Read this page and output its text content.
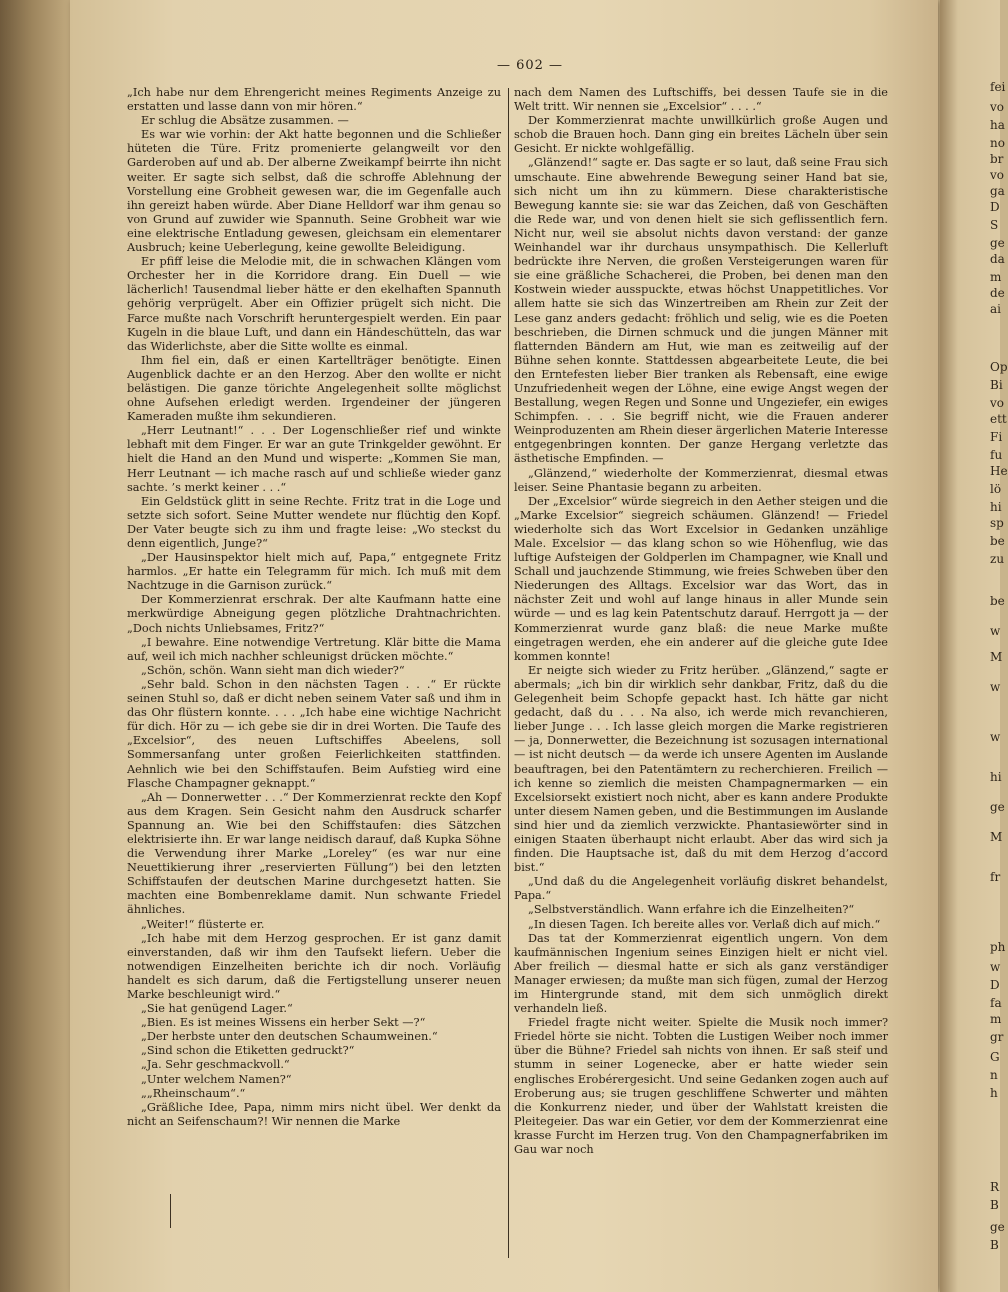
— 602 —

„Ich habe nur dem Ehrengericht meines Regiments Anzeige zu erstatten und lasse dann von mir hören.“

Er schlug die Absätze zusammen. —

Es war wie vorhin: der Akt hatte begonnen und die Schließer hüteten die Türe. Fritz promenierte gelangweilt vor den Garderoben auf und ab. Der alberne Zweikampf beirrte ihn nicht weiter. Er sagte sich selbst, daß die schroffe Ablehnung der Vorstellung eine Grobheit gewesen war, die im Gegenfalle auch ihn gereizt haben würde. Aber Diane Helldorf war ihm genau so von Grund auf zuwider wie Spannuth. Seine Grobheit war wie eine elektrische Entladung gewesen, gleichsam ein elementarer Ausbruch; keine Ueberlegung, keine gewollte Beleidigung.

Er pfiff leise die Melodie mit, die in schwachen Klängen vom Orchester her in die Korridore drang. Ein Duell — wie lächerlich! Tausendmal lieber hätte er den ekelhaften Spannuth gehörig verprügelt. Aber ein Offizier prügelt sich nicht. Die Farce mußte nach Vorschrift heruntergespielt werden. Ein paar Kugeln in die blaue Luft, und dann ein Händeschütteln, das war das Widerlichste, aber die Sitte wollte es einmal.

Ihm fiel ein, daß er einen Kartellträger benötigte. Einen Augenblick dachte er an den Herzog. Aber den wollte er nicht belästigen. Die ganze törichte Angelegenheit sollte möglichst ohne Aufsehen erledigt werden. Irgendeiner der jüngeren Kameraden mußte ihm sekundieren.

„Herr Leutnant!“ . . . Der Logenschließer rief und winkte lebhaft mit dem Finger. Er war an gute Trinkgelder gewöhnt. Er hielt die Hand an den Mund und wisperte: „Kommen Sie man, Herr Leutnant — ich mache rasch auf und schließe wieder ganz sachte. ’s merkt keiner . . .“

Ein Geldstück glitt in seine Rechte. Fritz trat in die Loge und setzte sich sofort. Seine Mutter wendete nur flüchtig den Kopf. Der Vater beugte sich zu ihm und fragte leise: „Wo steckst du denn eigentlich, Junge?“

„Der Hausinspektor hielt mich auf, Papa,“ entgegnete Fritz harmlos. „Er hatte ein Telegramm für mich. Ich muß mit dem Nachtzuge in die Garnison zurück.“

Der Kommerzienrat erschrak. Der alte Kaufmann hatte eine merkwürdige Abneigung gegen plötzliche Drahtnachrichten. „Doch nichts Unliebsames, Fritz?“

„I bewahre. Eine notwendige Vertretung. Klär bitte die Mama auf, weil ich mich nachher schleunigst drücken möchte.“

„Schön, schön. Wann sieht man dich wieder?“

„Sehr bald. Schon in den nächsten Tagen . . .“ Er rückte seinen Stuhl so, daß er dicht neben seinem Vater saß und ihm in das Ohr flüstern konnte. . . . „Ich habe eine wichtige Nachricht für dich. Hör zu — ich gebe sie dir in drei Worten. Die Taufe des „Excelsior“, des neuen Luftschiffes Abeelens, soll Sommersanfang unter großen Feierlichkeiten stattfinden. Aehnlich wie bei den Schiffstaufen. Beim Aufstieg wird eine Flasche Champagner geknappt.“

„Ah — Donnerwetter . . .“ Der Kommerzienrat reckte den Kopf aus dem Kragen. Sein Gesicht nahm den Ausdruck scharfer Spannung an. Wie bei den Schiffstaufen: dies Sätzchen elektrisierte ihn. Er war lange neidisch darauf, daß Kupka Söhne die Verwendung ihrer Marke „Loreley“ (es war nur eine Neuettikierung ihrer „reservierten Füllung“) bei den letzten Schiffstaufen der deutschen Marine durchgesetzt hatten. Sie machten eine Bombenreklame damit. Nun schwante Friedel ähnliches.

„Weiter!“ flüsterte er.

„Ich habe mit dem Herzog gesprochen. Er ist ganz damit einverstanden, daß wir ihm den Taufsekt liefern. Ueber die notwendigen Einzelheiten berichte ich dir noch. Vorläufig handelt es sich darum, daß die Fertigstellung unserer neuen Marke beschleunigt wird.“

„Sie hat genügend Lager.“

„Bien. Es ist meines Wissens ein herber Sekt —?“

„Der herbste unter den deutschen Schaumweinen.“

„Sind schon die Etiketten gedruckt?“

„Ja. Sehr geschmackvoll.“

„Unter welchem Namen?“

„„Rheinschaum“.“

„Gräßliche Idee, Papa, nimm mirs nicht übel. Wer denkt da nicht an Seifenschaum?! Wir nennen die Marke

nach dem Namen des Luftschiffs, bei dessen Taufe sie in die Welt tritt. Wir nennen sie „Excelsior“ . . . .“

Der Kommerzienrat machte unwillkürlich große Augen und schob die Brauen hoch. Dann ging ein breites Lächeln über sein Gesicht. Er nickte wohlgefällig.

„Glänzend!“ sagte er. Das sagte er so laut, daß seine Frau sich umschaute. Eine abwehrende Bewegung seiner Hand bat sie, sich nicht um ihn zu kümmern. Diese charakteristische Bewegung kannte sie: sie war das Zeichen, daß von Geschäften die Rede war, und von denen hielt sie sich geflissentlich fern. Nicht nur, weil sie absolut nichts davon verstand: der ganze Weinhandel war ihr durchaus unsympathisch. Die Kellerluft bedrückte ihre Nerven, die großen Versteigerungen waren für sie eine gräßliche Schacherei, die Proben, bei denen man den Kostwein wieder ausspuckte, etwas höchst Unappetitliches. Vor allem hatte sie sich das Winzertreiben am Rhein zur Zeit der Lese ganz anders gedacht: fröhlich und selig, wie es die Poeten beschrieben, die Dirnen schmuck und die jungen Männer mit flatternden Bändern am Hut, wie man es zeitweilig auf der Bühne sehen konnte. Stattdessen abgearbeitete Leute, die bei den Erntefesten lieber Bier tranken als Rebensaft, eine ewige Unzufriedenheit wegen der Löhne, eine ewige Angst wegen der Bestallung, wegen Regen und Sonne und Ungeziefer, ein ewiges Schimpfen. . . . Sie begriff nicht, wie die Frauen anderer Weinproduzenten am Rhein dieser ärgerlichen Materie Interesse entgegenbringen konnten. Der ganze Hergang verletzte das ästhetische Empfinden. —

„Glänzend,“ wiederholte der Kommerzienrat, diesmal etwas leiser. Seine Phantasie begann zu arbeiten.

Der „Excelsior“ würde siegreich in den Aether steigen und die „Marke Excelsior“ siegreich schäumen. Glänzend! — Friedel wiederholte sich das Wort Excelsior in Gedanken unzählige Male. Excelsior — das klang schon so wie Höhenflug, wie das luftige Aufsteigen der Goldperlen im Champagner, wie Knall und Schall und jauchzende Stimmung, wie freies Schweben über den Niederungen des Alltags. Excelsior war das Wort, das in nächster Zeit und wohl auf lange hinaus in aller Munde sein würde — und es lag kein Patentschutz darauf. Herrgott ja — der Kommerzienrat wurde ganz blaß: die neue Marke mußte eingetragen werden, ehe ein anderer auf die gleiche gute Idee kommen konnte!

Er neigte sich wieder zu Fritz herüber. „Glänzend,“ sagte er abermals; „ich bin dir wirklich sehr dankbar, Fritz, daß du die Gelegenheit beim Schopfe gepackt hast. Ich hätte gar nicht gedacht, daß du . . . Na also, ich werde mich revanchieren, lieber Junge . . . Ich lasse gleich morgen die Marke registrieren — ja, Donnerwetter, die Bezeichnung ist sozusagen international — ist nicht deutsch — da werde ich unsere Agenten im Auslande beauftragen, bei den Patentämtern zu recherchieren. Freilich — ich kenne so ziemlich die meisten Champagnermarken — ein Excelsiorsekt existiert noch nicht, aber es kann andere Produkte unter diesem Namen geben, und die Bestimmungen im Auslande sind hier und da ziemlich verzwickte. Phantasiewörter sind in einigen Staaten überhaupt nicht erlaubt. Aber das wird sich ja finden. Die Hauptsache ist, daß du mit dem Herzog d’accord bist.“

„Und daß du die Angelegenheit vorläufig diskret behandelst, Papa.“

„Selbstverständlich. Wann erfahre ich die Einzelheiten?“

„In diesen Tagen. Ich bereite alles vor. Verlaß dich auf mich.“

Das tat der Kommerzienrat eigentlich ungern. Von dem kaufmännischen Ingenium seines Einzigen hielt er nicht viel. Aber freilich — diesmal hatte er sich als ganz verständiger Manager erwiesen; da mußte man sich fügen, zumal der Herzog im Hintergrunde stand, mit dem sich unmöglich direkt verhandeln ließ.

Friedel fragte nicht weiter. Spielte die Musik noch immer? Friedel hörte sie nicht. Tobten die Lustigen Weiber noch immer über die Bühne? Friedel sah nichts von ihnen. Er saß steif und stumm in seiner Logenecke, aber er hatte wieder sein englisches Erobérergesicht. Und seine Gedanken zogen auch auf Eroberung aus; sie trugen geschliffene Schwerter und mähten die Konkurrenz nieder, und über der Wahlstatt kreisten die Pleitegeier. Das war ein Getier, vor dem der Kommerzienrat eine krasse Furcht im Herzen trug. Von den Champagnerfabriken im Gau war noch

fei
vo
ha
no
br
vo
ga
D
S
ge
da
m
de
ai
Op
Bi
vo
ett
Fi
fu
He
lö
hi
sp
be
zu
be
w
M
w
w
hi
ge
M
fr
ph
w
D
fa
m
gr
G
n
h
R
B
ge
B
